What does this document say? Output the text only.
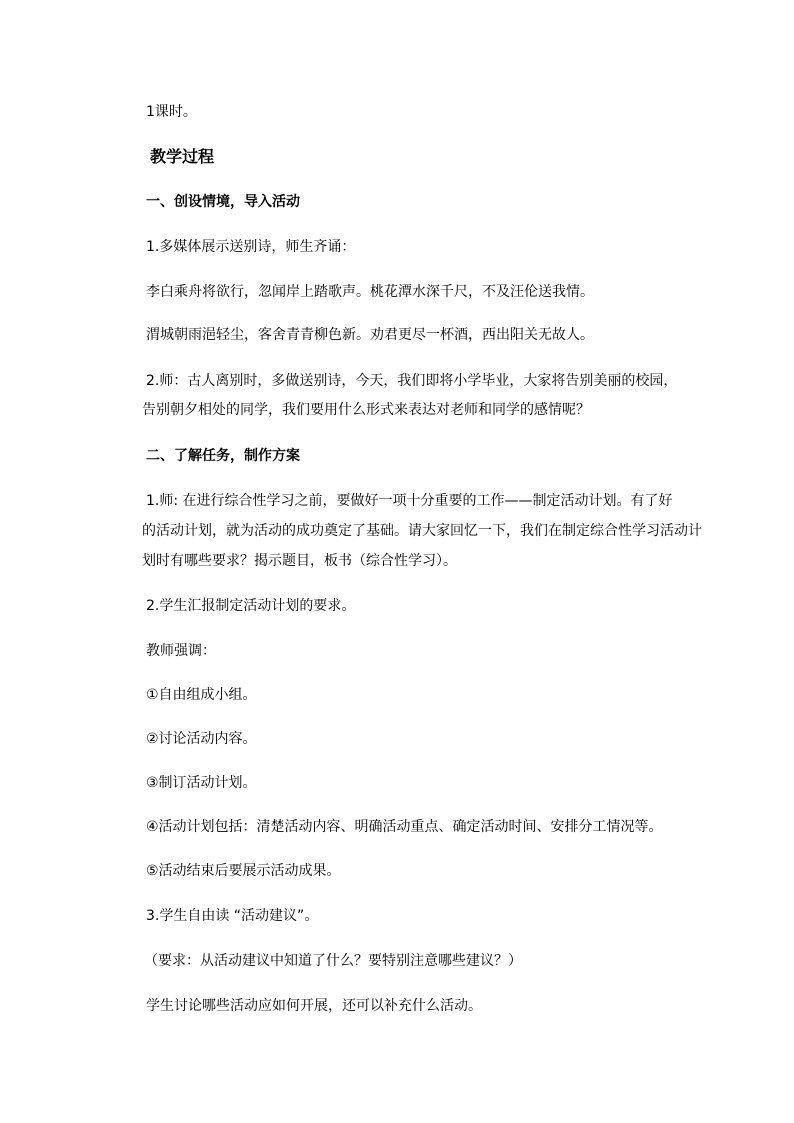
1课时。
教学过程
一、创设情境，导入活动
1.多媒体展示送别诗，师生齐诵：
李白乘舟将欲行，忽闻岸上踏歌声。桃花潭水深千尺，不及汪伦送我情。
渭城朝雨浥轻尘，客舍青青柳色新。劝君更尽一杯酒，西出阳关无故人。
2.师：古人离别时，多做送别诗，今天，我们即将小学毕业，大家将告别美丽的校园，
告别朝夕相处的同学，我们要用什么形式来表达对老师和同学的感情呢？
二、了解任务，制作方案
1.师: 在进行综合性学习之前，要做好一项十分重要的工作——制定活动计划。有了好
的活动计划，就为活动的成功奠定了基础。请大家回忆一下，我们在制定综合性学习活动计
划时有哪些要求？揭示题目，板书（综合性学习）。
2.学生汇报制定活动计划的要求。
教师强调：
①自由组成小组。
②讨论活动内容。
③制订活动计划。
④活动计划包括：清楚活动内容、明确活动重点、确定活动时间、安排分工情况等。
⑤活动结束后要展示活动成果。
3.学生自由读 “活动建议”。
（要求：从活动建议中知道了什么？要特别注意哪些建议？）
学生讨论哪些活动应如何开展，还可以补充什么活动。
